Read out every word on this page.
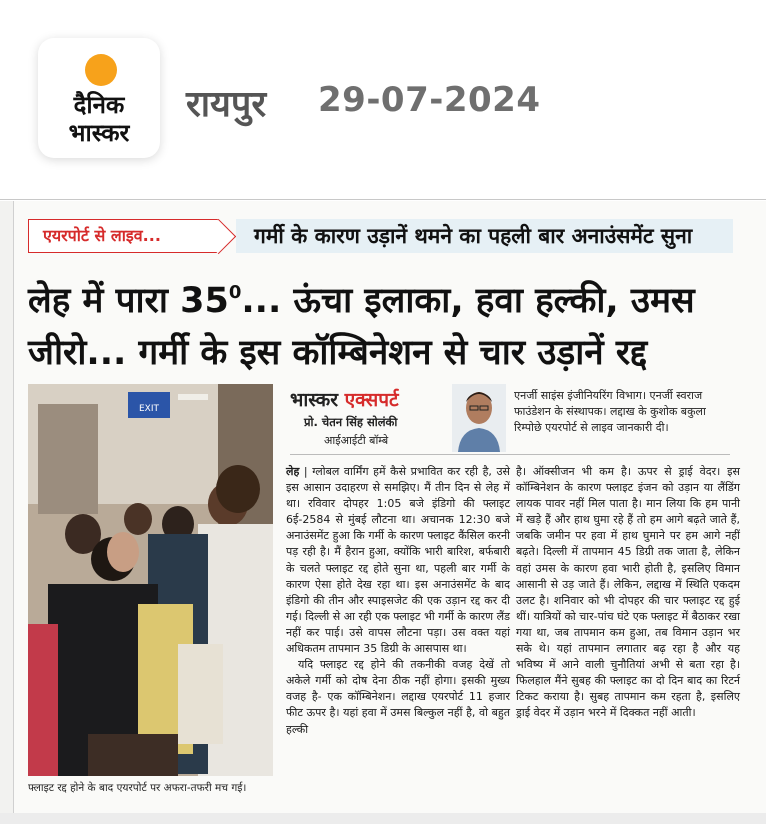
दैनिक
भास्कर
रायपुर 29-07-2024
एयरपोर्ट से लाइव...	गर्मी के कारण उड़ानें थमने का पहली बार अनाउंसमेंट सुना
लेह में पारा $35^0$... ऊंचा इलाका, हवा हल्की, उमस
जीरो... गर्मी के इस कॉम्बिनेशन से चार उड़ानें रद्द
EXIT
फ्लाइट रद्द होने के बाद एयरपोर्ट पर अफरा-तफरी मच गई।
भास्कर एक्सपर्ट
प्रो. चेतन सिंह सोलंकी
आईआईटी बॉम्बे
एनर्जी साइंस इंजीनियरिंग विभाग। एनर्जी स्वराज फाउंडेशन के संस्थापक। लद्दाख के कुशोक बकुला रिम्पोछे एयरपोर्ट से लाइव जानकारी दी।

लेह | ग्लोबल वार्मिंग हमें कैसे प्रभावित कर रही है, उसे इस आसान उदाहरण से समझिए। मैं तीन दिन से लेह में था। रविवार दोपहर 1:05 बजे इंडिगो की फ्लाइट 6ई-2584 से मुंबई लौटना था। अचानक 12:30 बजे अनाउंसमेंट हुआ कि गर्मी के कारण फ्लाइट कैंसिल करनी पड़ रही है। मैं हैरान हुआ, क्योंकि भारी बारिश, बर्फबारी के चलते फ्लाइट रद्द होते सुना था, पहली बार गर्मी के कारण ऐसा होते देख रहा था। इस अनाउंसमेंट के बाद इंडिगो की तीन और स्पाइसजेट की एक उड़ान रद्द कर दी गई। दिल्ली से आ रही एक फ्लाइट भी गर्मी के कारण लैंड नहीं कर पाई। उसे वापस लौटना पड़ा। उस वक्त यहां अधिकतम तापमान 35 डिग्री के आसपास था।

यदि फ्लाइट रद्द होने की तकनीकी वजह देखें तो अकेले गर्मी को दोष देना ठीक नहीं होगा। इसकी मुख्य वजह है- एक कॉम्बिनेशन। लद्दाख एयरपोर्ट 11 हजार फीट ऊपर है। यहां हवा में उमस बिल्कुल नहीं है, वो बहुत हल्की

है। ऑक्सीजन भी कम है। ऊपर से ड्राई वेदर। इस कॉम्बिनेशन के कारण फ्लाइट इंजन को उड़ान या लैंडिंग लायक पावर नहीं मिल पाता है। मान लिया कि हम पानी में खड़े हैं और हाथ घुमा रहे हैं तो हम आगे बढ़ते जाते हैं, जबकि जमीन पर हवा में हाथ घुमाने पर हम आगे नहीं बढ़ते। दिल्ली में तापमान 45 डिग्री तक जाता है, लेकिन वहां उमस के कारण हवा भारी होती है, इसलिए विमान आसानी से उड़ जाते हैं। लेकिन, लद्दाख में स्थिति एकदम उलट है। शनिवार को भी दोपहर की चार फ्लाइट रद्द हुई थीं। यात्रियों को चार-पांच घंटे एक फ्लाइट में बैठाकर रखा गया था, जब तापमान कम हुआ, तब विमान उड़ान भर सके थे। यहां तापमान लगातार बढ़ रहा है और यह भविष्य में आने वाली चुनौतियां अभी से बता रहा है। फिलहाल मैंने सुबह की फ्लाइट का दो दिन बाद का रिटर्न टिकट कराया है। सुबह तापमान कम रहता है, इसलिए ड्राई वेदर में उड़ान भरने में दिक्कत नहीं आती।
